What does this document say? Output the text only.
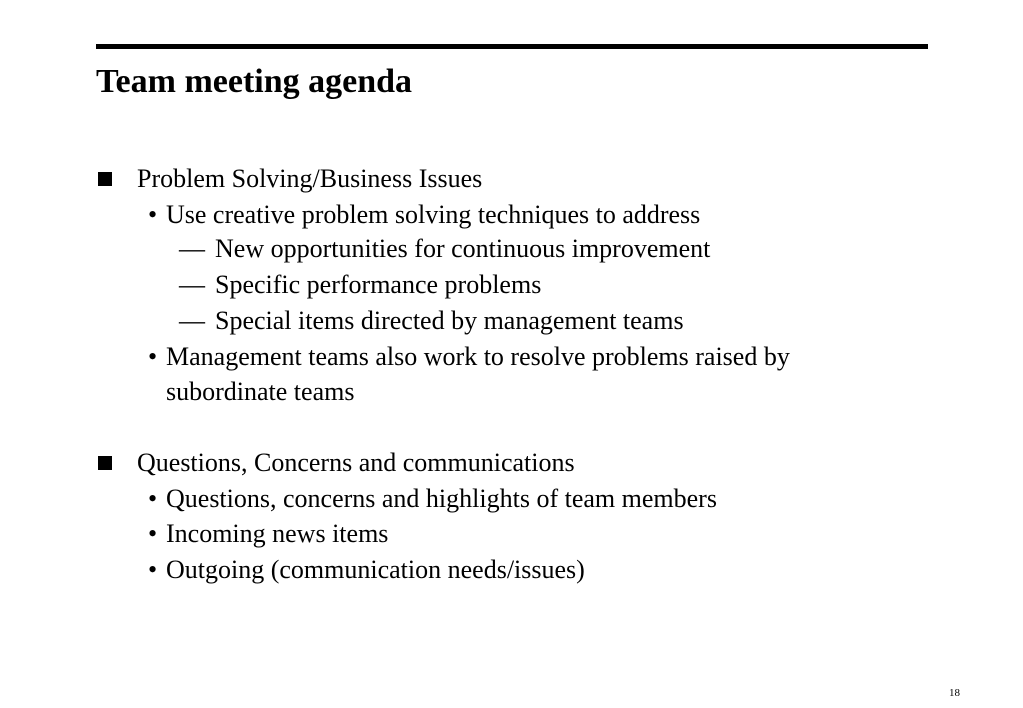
Team meeting agenda
Problem Solving/Business Issues
• Use creative problem solving techniques to address
— New opportunities for continuous improvement
— Specific performance problems
— Special items directed by management teams
• Management teams also work to resolve problems raised by
subordinate teams
Questions, Concerns and communications
• Questions, concerns and highlights of team members
• Incoming news items
• Outgoing (communication needs/issues)
18
